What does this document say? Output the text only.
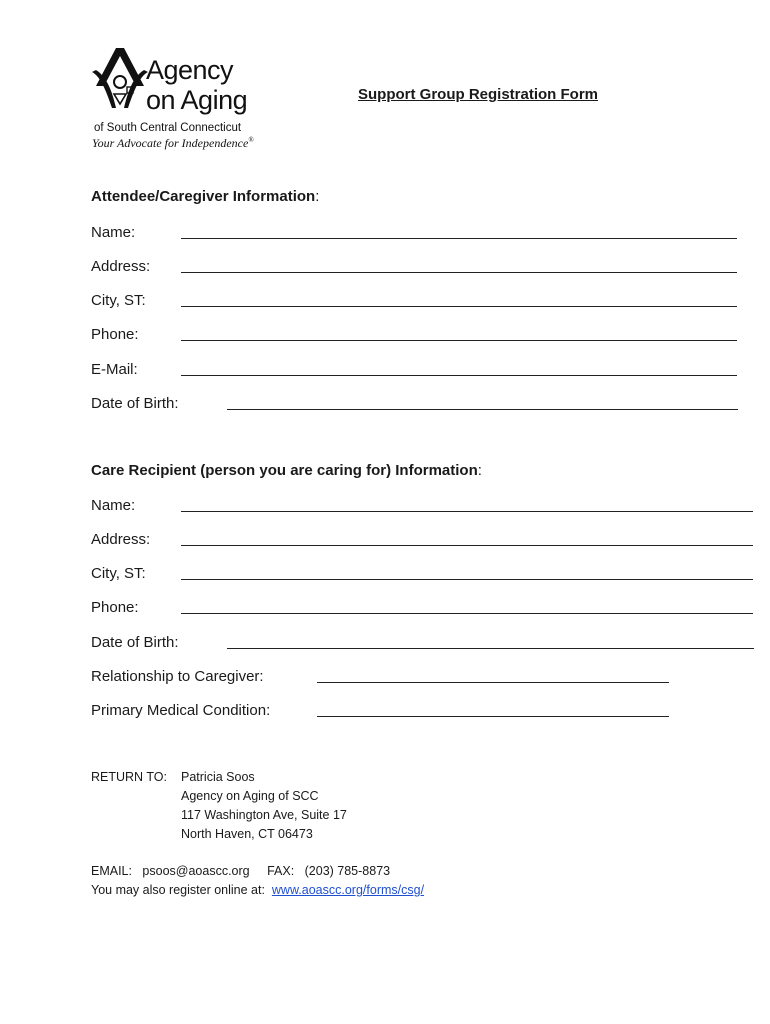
Agency
on Aging
of South Central Connecticut
Your Advocate for Independence®
Support Group Registration Form
Attendee/Caregiver Information:
Name:
Address:
City, ST:
Phone:
E-Mail:
Date of Birth:
Care Recipient (person you are caring for) Information:
Name:
Address:
City, ST:
Phone:
Date of Birth:
Relationship to Caregiver:
Primary Medical Condition:
RETURN TO: Patricia Soos
Agency on Aging of SCC
117 Washington Ave, Suite 17
North Haven, CT 06473
EMAIL: psoos@aoascc.org FAX: (203) 785-8873
You may also register online at: www.aoascc.org/forms/csg/
